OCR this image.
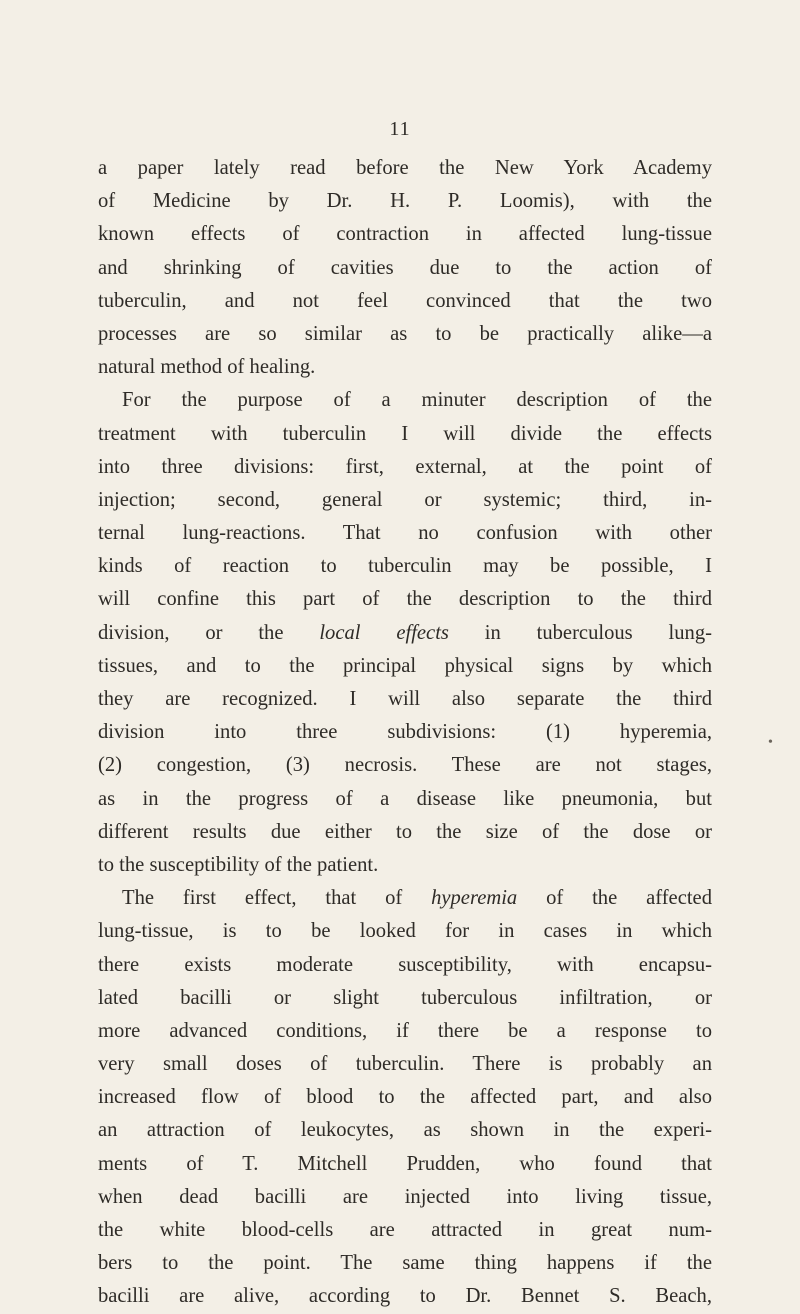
11
•
a paper lately read before the New York Academy
of Medicine by Dr. H. P. Loomis), with the
known effects of contraction in affected lung-tissue
and shrinking of cavities due to the action of
tuberculin, and not feel convinced that the two
processes are so similar as to be practically alike—a
natural method of healing.
For the purpose of a minuter description of the
treatment with tuberculin I will divide the effects
into three divisions: first, external, at the point of
injection; second, general or systemic; third, in-
ternal lung-reactions. That no confusion with other
kinds of reaction to tuberculin may be possible, I
will confine this part of the description to the third
division, or the local effects in tuberculous lung-
tissues, and to the principal physical signs by which
they are recognized. I will also separate the third
division into three subdivisions: (1) hyperemia,
(2) congestion, (3) necrosis. These are not stages,
as in the progress of a disease like pneumonia, but
different results due either to the size of the dose or
to the susceptibility of the patient.
The first effect, that of hyperemia of the affected
lung-tissue, is to be looked for in cases in which
there exists moderate susceptibility, with encapsu-
lated bacilli or slight tuberculous infiltration, or
more advanced conditions, if there be a response to
very small doses of tuberculin. There is probably an
increased flow of blood to the affected part, and also
an attraction of leukocytes, as shown in the experi-
ments of T. Mitchell Prudden, who found that
when dead bacilli are injected into living tissue,
the white blood-cells are attracted in great num-
bers to the point. The same thing happens if the
bacilli are alive, according to Dr. Bennet S. Beach,
